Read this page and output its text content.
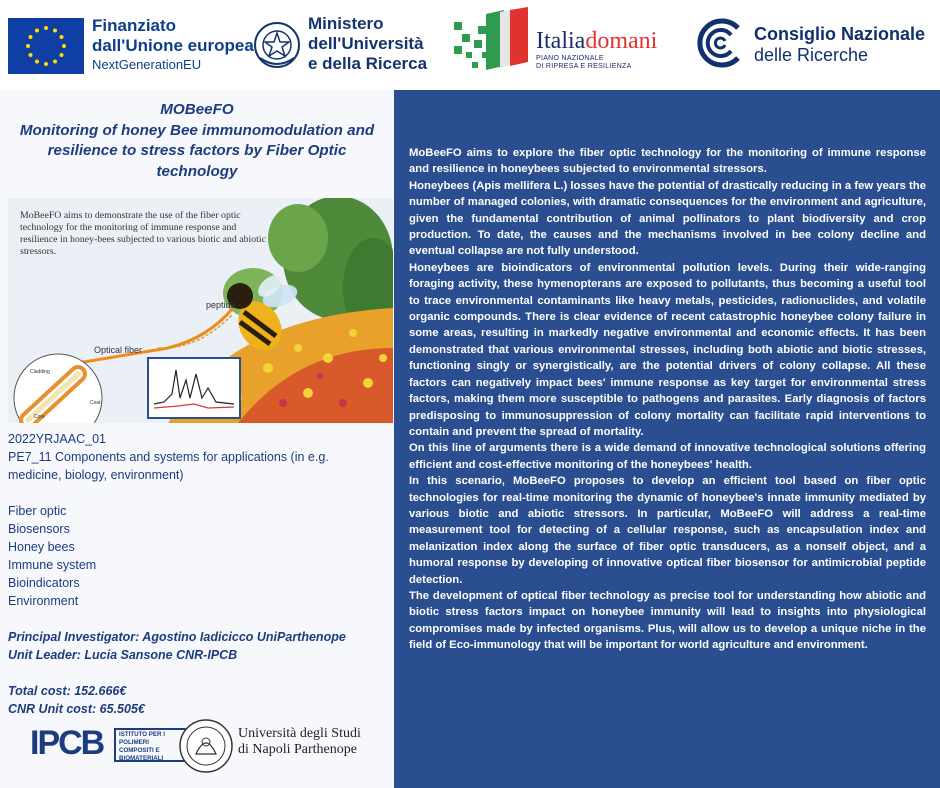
Finanziato
dall'Unione europea
NextGenerationEU
Ministero
dell'Università
e della Ricerca
Italiadomani
PIANO NAZIONALE
DI RIPRESA E RESILIENZA
Consiglio Nazionale
delle Ricerche
MOBeeFO
Monitoring of honey Bee immunomodulation and
resilience to stress factors by Fiber Optic
technology
MoBeeFO aims to demonstrate the use of the fiber optic technology for the monitoring of immune response and resilience in honey-bees subjected to various biotic and abiotic stressors.
peptide
Optical fiber
Cladding
Core
Coat
2022YRJAAC_01
PE7_11 Components and systems for applications (in e.g.
medicine, biology, environment)
Fiber optic
Biosensors
Honey bees
Immune system
Bioindicators
Environment
Principal Investigator: Agostino Iadicicco UniParthenope
Unit Leader: Lucia Sansone CNR-IPCB
Total cost: 152.666€
CNR Unit cost: 65.505€
IPCB	ISTITUTO PER I POLIMERI COMPOSITI E BIOMATERIALI
Università degli Studi
di Napoli Parthenope

MoBeeFO aims to explore the fiber optic technology for the monitoring of immune response and resilience in honeybees subjected to environmental stressors.

Honeybees (Apis mellifera L.) losses have the potential of drastically reducing in a few years the number of managed colonies, with dramatic consequences for the environment and agriculture, given the fundamental contribution of animal pollinators to plant biodiversity and crop production. To date, the causes and the mechanisms involved in bee colony decline and eventual collapse are not fully understood.

Honeybees are bioindicators of environmental pollution levels. During their wide-ranging foraging activity, these hymenopterans are exposed to pollutants, thus becoming a useful tool to trace environmental contaminants like heavy metals, pesticides, radionuclides, and volatile organic compounds. There is clear evidence of recent catastrophic honeybee colony failure in some areas, resulting in markedly negative environmental and economic effects. It has been demonstrated that various environmental stresses, including both abiotic and biotic stresses, functioning singly or synergistically, are the potential drivers of colony collapse. All these factors can negatively impact bees' immune response as key target for environmental stress factors, making them more susceptible to pathogens and parasites. Early diagnosis of factors predisposing to immunosuppression of colony mortality can facilitate rapid interventions to contain and prevent the spread of mortality.

On this line of arguments there is a wide demand of innovative technological solutions offering efficient and cost-effective monitoring of the honeybees' health.

In this scenario, MoBeeFO proposes to develop an efficient tool based on fiber optic technologies for real-time monitoring the dynamic of honeybee's innate immunity mediated by various biotic and abiotic stressors. In particular, MoBeeFO will address a real-time measurement tool for detecting of a cellular response, such as encapsulation index and melanization index along the surface of fiber optic transducers, as a nonself object, and a humoral response by developing of innovative optical fiber biosensor for antimicrobial peptide detection.

The development of optical fiber technology as precise tool for understanding how abiotic and biotic stress factors impact on honeybee immunity will lead to insights into physiological compromises made by infected organisms. Plus, will allow us to develop a unique niche in the field of Eco-immunology that will be important for world agriculture and environment.
